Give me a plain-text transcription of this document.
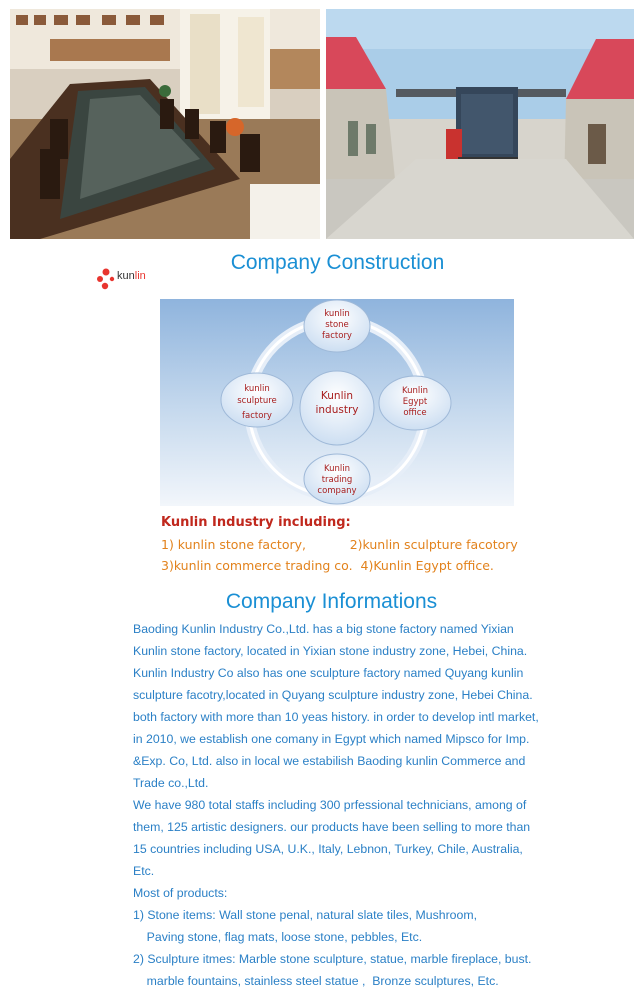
kunlin
Company Construction
Kunlin
industry
kunlin
stone
factory
kunlin
sculpture
factory
Kunlin
Egypt
office
Kunlin
trading
company
Kunlin Industry including:
1) kunlin stone factory,           2)kunlin sculpture facotory
3)kunlin commerce trading co.  4)Kunlin Egypt office.
Company Informations
Baoding Kunlin Industry Co.,Ltd. has a big stone factory named Yixian
Kunlin stone factory, located in Yixian stone industry zone, Hebei, China.
Kunlin Industry Co also has one sculpture factory named Quyang kunlin
sculpture facotry,located in Quyang sculpture industry zone, Hebei China.
both factory with more than 10 yeas history. in order to develop intl market,
in 2010, we establish one comany in Egypt which named Mipsco for Imp.
&Exp. Co, Ltd. also in local we estabilish Baoding kunlin Commerce and
Trade co.,Ltd.
We have 980 total staffs including 300 prfessional technicians, among of
them, 125 artistic designers. our products have been selling to more than
15 countries including USA, U.K., Italy, Lebnon, Turkey, Chile, Australia,
Etc.
Most of products:
1) Stone items: Wall stone penal, natural slate tiles, Mushroom,
Paving stone, flag mats, loose stone, pebbles, Etc.
2) Sculpture itmes: Marble stone sculpture, statue, marble fireplace, bust.
marble fountains, stainless steel statue ,  Bronze sculptures, Etc.
